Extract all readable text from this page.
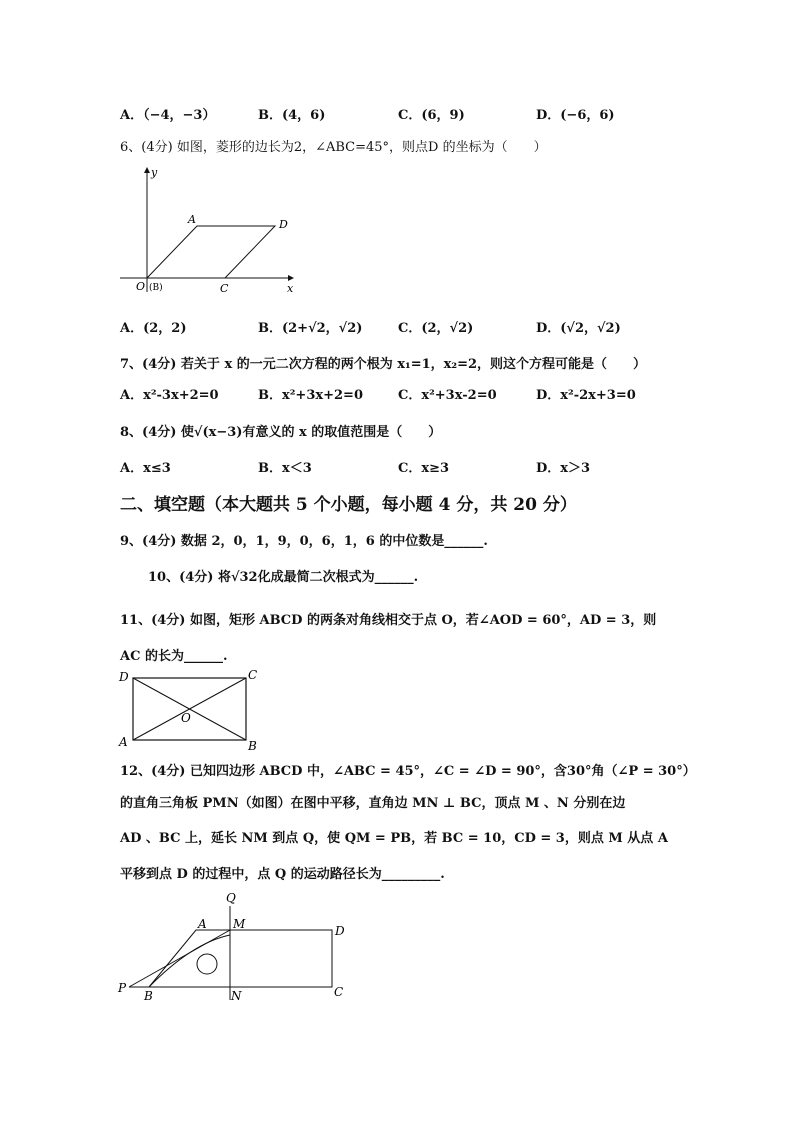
A．（−4，−3）	B．(4，6)	C．(6，9)	D．(−6，6)
6、(4分) 如图，菱形的边长为2，∠ABC=45°，则点D 的坐标为（　　）
y
x
A	D
O (B)	C
A．(2，2)	B．(2+√2，√2)	C．(2，√2)	D．(√2，√2)
7、(4分) 若关于 x 的一元二次方程的两个根为 x₁=1，x₂=2，则这个方程可能是（　　）
A．x²-3x+2=0	B．x²+3x+2=0	C．x²+3x-2=0	D．x²-2x+3=0
8、(4分) 使√(x−3)有意义的 x 的取值范围是（　　）
A．x≤3	B．x＜3	C．x≥3	D．x＞3
二、填空题（本大题共 5 个小题，每小题 4 分，共 20 分）
9、(4分) 数据 2，0，1，9，0，6，1，6 的中位数是______.
10、(4分) 将√32化成最简二次根式为______.
11、(4分) 如图，矩形 ABCD 的两条对角线相交于点 O，若∠AOD = 60°，AD = 3，则
AC 的长为______.
D	C
O
A	B
12、(4分) 已知四边形 ABCD 中，∠ABC = 45°，∠C = ∠D = 90°，含30°角（∠P = 30°）
的直角三角板 PMN（如图）在图中平移，直角边 MN ⊥ BC，顶点 M 、N 分别在边
AD 、BC 上，延长 NM 到点 Q，使 QM = PB，若 BC = 10，CD = 3，则点 M 从点 A
平移到点 D 的过程中，点 Q 的运动路径长为_________.
Q
A M	D
P
B	N	C
